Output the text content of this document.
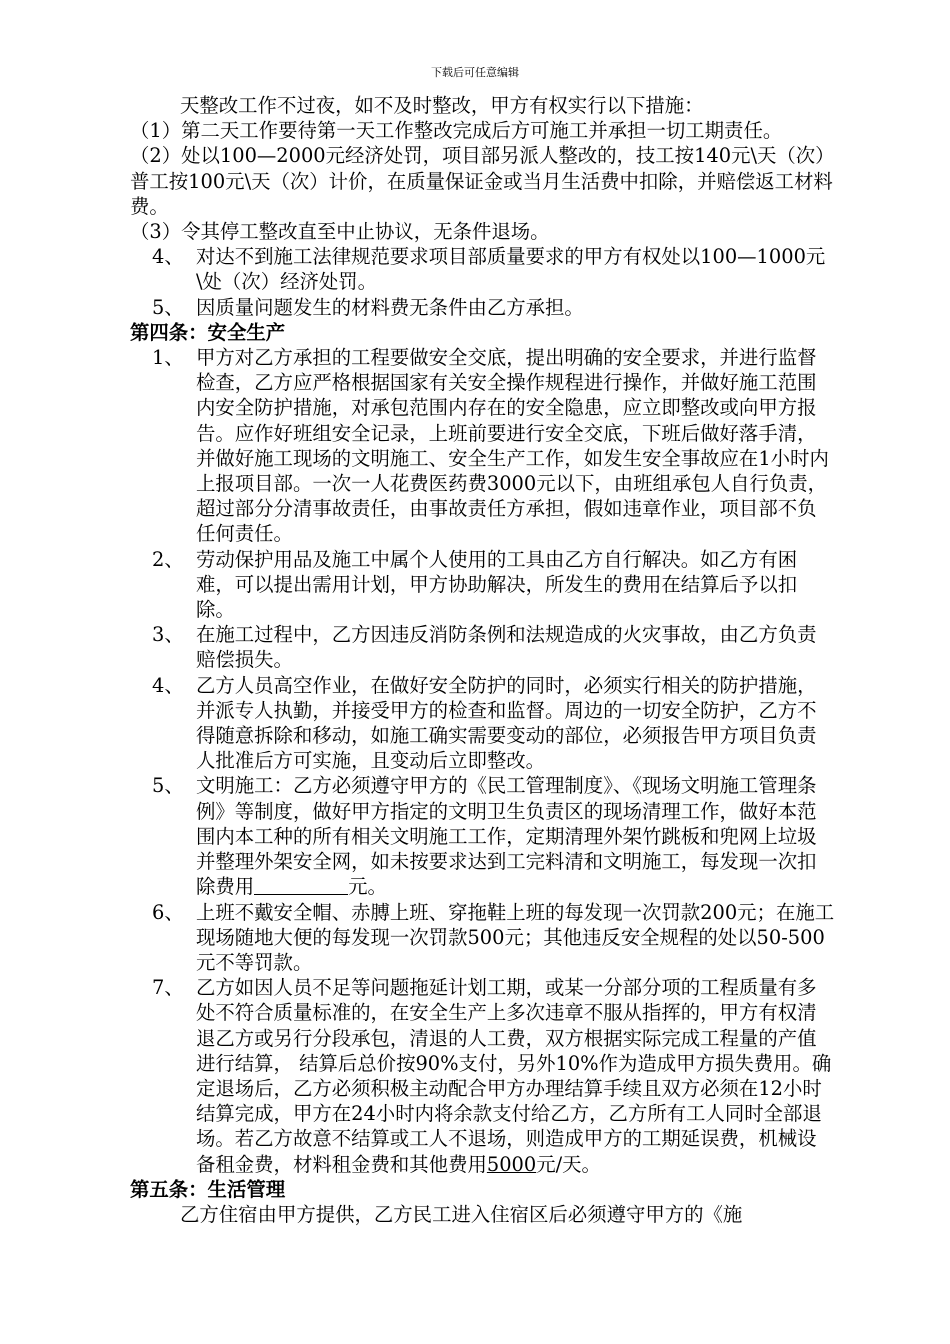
下载后可任意编辑

天整改工作不过夜，如不及时整改，甲方有权实行以下措施：

（1）第二天工作要待第一天工作整改完成后方可施工并承担一切工期责任。

（2）处以100—2000元经济处罚，项目部另派人整改的，技工按140元\天（次）普工按100元\天（次）计价，在质量保证金或当月生活费中扣除，并赔偿返工材料费。

（3）令其停工整改直至中止协议，无条件退场。

4、 对达不到施工法律规范要求项目部质量要求的甲方有权处以100—1000元\处（次）经济处罚。

5、 因质量问题发生的材料费无条件由乙方承担。

第四条：安全生产

1、 甲方对乙方承担的工程要做安全交底，提出明确的安全要求，并进行监督检查，乙方应严格根据国家有关安全操作规程进行操作，并做好施工范围内安全防护措施，对承包范围内存在的安全隐患，应立即整改或向甲方报告。应作好班组安全记录，上班前要进行安全交底，下班后做好落手清，并做好施工现场的文明施工、安全生产工作，如发生安全事故应在1小时内上报项目部。一次一人花费医药费3000元以下，由班组承包人自行负责，超过部分分清事故责任，由事故责任方承担，假如违章作业，项目部不负任何责任。

2、 劳动保护用品及施工中属个人使用的工具由乙方自行解决。如乙方有困难，可以提出需用计划，甲方协助解决，所发生的费用在结算后予以扣除。

3、 在施工过程中，乙方因违反消防条例和法规造成的火灾事故，由乙方负责赔偿损失。

4、 乙方人员高空作业，在做好安全防护的同时，必须实行相关的防护措施，并派专人执勤，并接受甲方的检查和监督。周边的一切安全防护，乙方不得随意拆除和移动，如施工确实需要变动的部位，必须报告甲方项目负责人批准后方可实施，且变动后立即整改。

5、 文明施工：乙方必须遵守甲方的《民工管理制度》、《现场文明施工管理条例》等制度，做好甲方指定的文明卫生负责区的现场清理工作，做好本范围内本工种的所有相关文明施工工作，定期清理外架竹跳板和兜网上垃圾并整理外架安全网，如未按要求达到工完料清和文明施工，每发现一次扣除费用	元。

6、 上班不戴安全帽、赤膊上班、穿拖鞋上班的每发现一次罚款200元；在施工现场随地大便的每发现一次罚款500元；其他违反安全规程的处以50-500元不等罚款。

7、 乙方如因人员不足等问题拖延计划工期，或某一分部分项的工程质量有多处不符合质量标准的，在安全生产上多次违章不服从指挥的，甲方有权清退乙方或另行分段承包，清退的人工费，双方根据实际完成工程量的产值进行结算， 结算后总价按90%支付，另外10%作为造成甲方损失费用。确定退场后，乙方必须积极主动配合甲方办理结算手续且双方必须在12小时结算完成，甲方在24小时内将余款支付给乙方，乙方所有工人同时全部退场。若乙方故意不结算或工人不退场，则造成甲方的工期延误费，机械设备租金费，材料租金费和其他费用5000元/天。

第五条：生活管理

乙方住宿由甲方提供，乙方民工进入住宿区后必须遵守甲方的《施
